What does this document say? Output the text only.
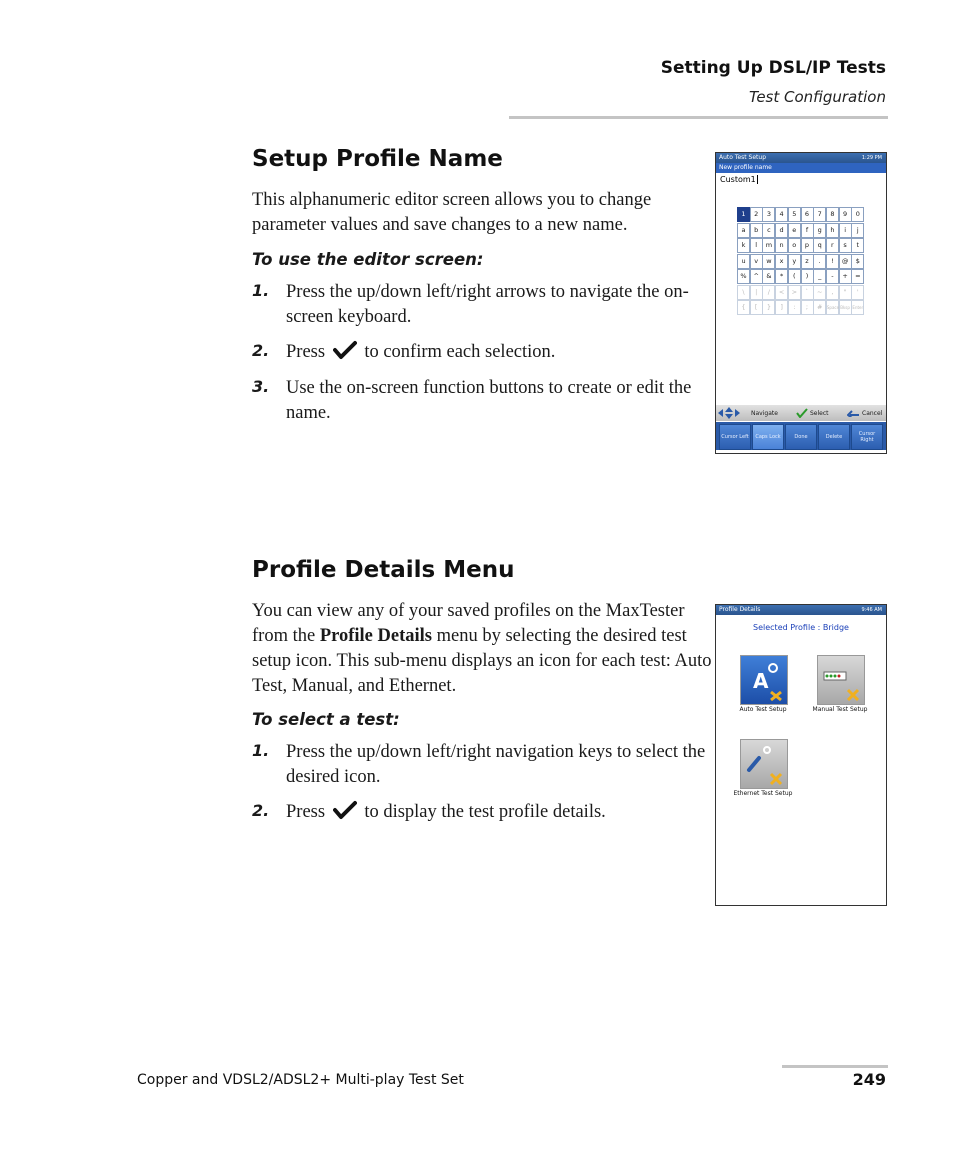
Setting Up DSL/IP Tests
Test Configuration
Setup Profile Name

This alphanumeric editor screen allows you to change parameter values and save changes to a new name.

To use the editor screen:

1. Press the up/down left/right arrows to navigate the on-screen keyboard.
2. Press to confirm each selection.
3. Use the on-screen function buttons to create or edit the name.
Auto Test Setup	1:29 PM
New profile name
Custom1
1	2	3	4	5	6	7	8	9	0
a	b	c	d	e	f	g	h	i	j
k	l	m	n	o	p	q	r	s	t
u	v	w	x	y	z	.	!	@	$
%	^	&	*	(	)	_	-	+	=
\	|	/	<	>	`	~	,	"	'
{	[	}	]	:	;	#	Space Bksp Enter
Navigate	Select	Cancel
Cursor Left	Caps Lock	Done	Delete	Cursor Right
Profile Details Menu

You can view any of your saved profiles on the MaxTester from the Profile Details menu by selecting the desired test setup icon. This sub-menu displays an icon for each test: Auto Test, Manual, and Ethernet.

To select a test:

1. Press the up/down left/right navigation keys to select the desired icon.
2. Press to display the test profile details.
Profile Details	9:46 AM
Selected Profile : Bridge
A
Auto Test Setup	Manual Test Setup
Ethernet Test Setup
Copper and VDSL2/ADSL2+ Multi-play Test Set	249
